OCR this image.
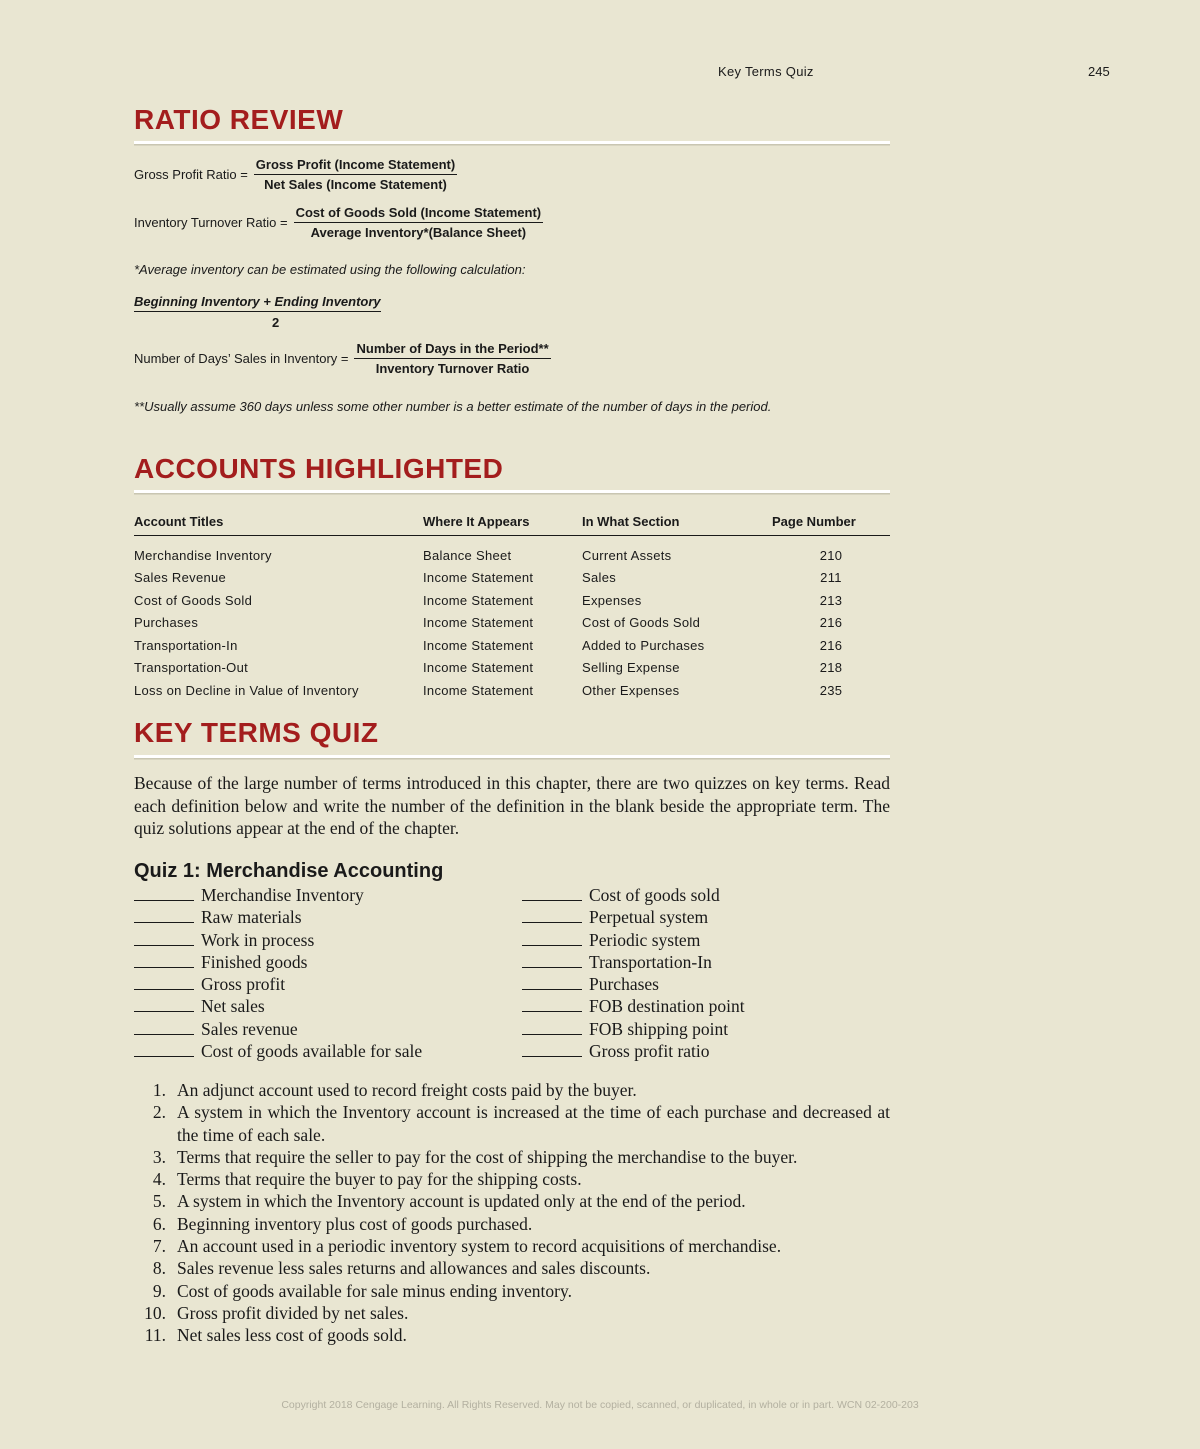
Key Terms Quiz	245
RATIO REVIEW
Gross Profit Ratio = $\frac{\text{Gross Profit (Income Statement)}}{\text{Net Sales (Income Statement)}}$
Inventory Turnover Ratio = $\frac{\text{Cost of Goods Sold (Income Statement)}}{\text{Average Inventory*(Balance Sheet)}}$
*Average inventory can be estimated using the following calculation:
Beginning Inventory + Ending Inventory
2
Number of Days’ Sales in Inventory = $\frac{\text{Number of Days in the Period**}}{\text{Inventory Turnover Ratio}}$
**Usually assume 360 days unless some other number is a better estimate of the number of days in the period.
ACCOUNTS HIGHLIGHTED
Account Titles	Where It Appears	In What Section	Page Number
Merchandise Inventory	Balance Sheet	Current Assets	210
Sales Revenue	Income Statement	Sales	211
Cost of Goods Sold	Income Statement	Expenses	213
Purchases	Income Statement	Cost of Goods Sold	216
Transportation-In	Income Statement	Added to Purchases	216
Transportation-Out	Income Statement	Selling Expense	218
Loss on Decline in Value of Inventory	Income Statement	Other Expenses	235
KEY TERMS QUIZ
Because of the large number of terms introduced in this chapter, there are two quizzes on key terms. Read each definition below and write the number of the definition in the blank beside the appropriate term. The quiz solutions appear at the end of the chapter.
Quiz 1: Merchandise Accounting
Merchandise Inventory
Raw materials
Work in process
Finished goods
Gross profit
Net sales
Sales revenue
Cost of goods available for sale
Cost of goods sold
Perpetual system
Periodic system
Transportation-In
Purchases
FOB destination point
FOB shipping point
Gross profit ratio
1. An adjunct account used to record freight costs paid by the buyer.
2. A system in which the Inventory account is increased at the time of each purchase and decreased at the time of each sale.
3. Terms that require the seller to pay for the cost of shipping the merchandise to the buyer.
4. Terms that require the buyer to pay for the shipping costs.
5. A system in which the Inventory account is updated only at the end of the period.
6. Beginning inventory plus cost of goods purchased.
7. An account used in a periodic inventory system to record acquisitions of merchandise.
8. Sales revenue less sales returns and allowances and sales discounts.
9. Cost of goods available for sale minus ending inventory.
10. Gross profit divided by net sales.
11. Net sales less cost of goods sold.
Copyright 2018 Cengage Learning. All Rights Reserved. May not be copied, scanned, or duplicated, in whole or in part. WCN 02-200-203
